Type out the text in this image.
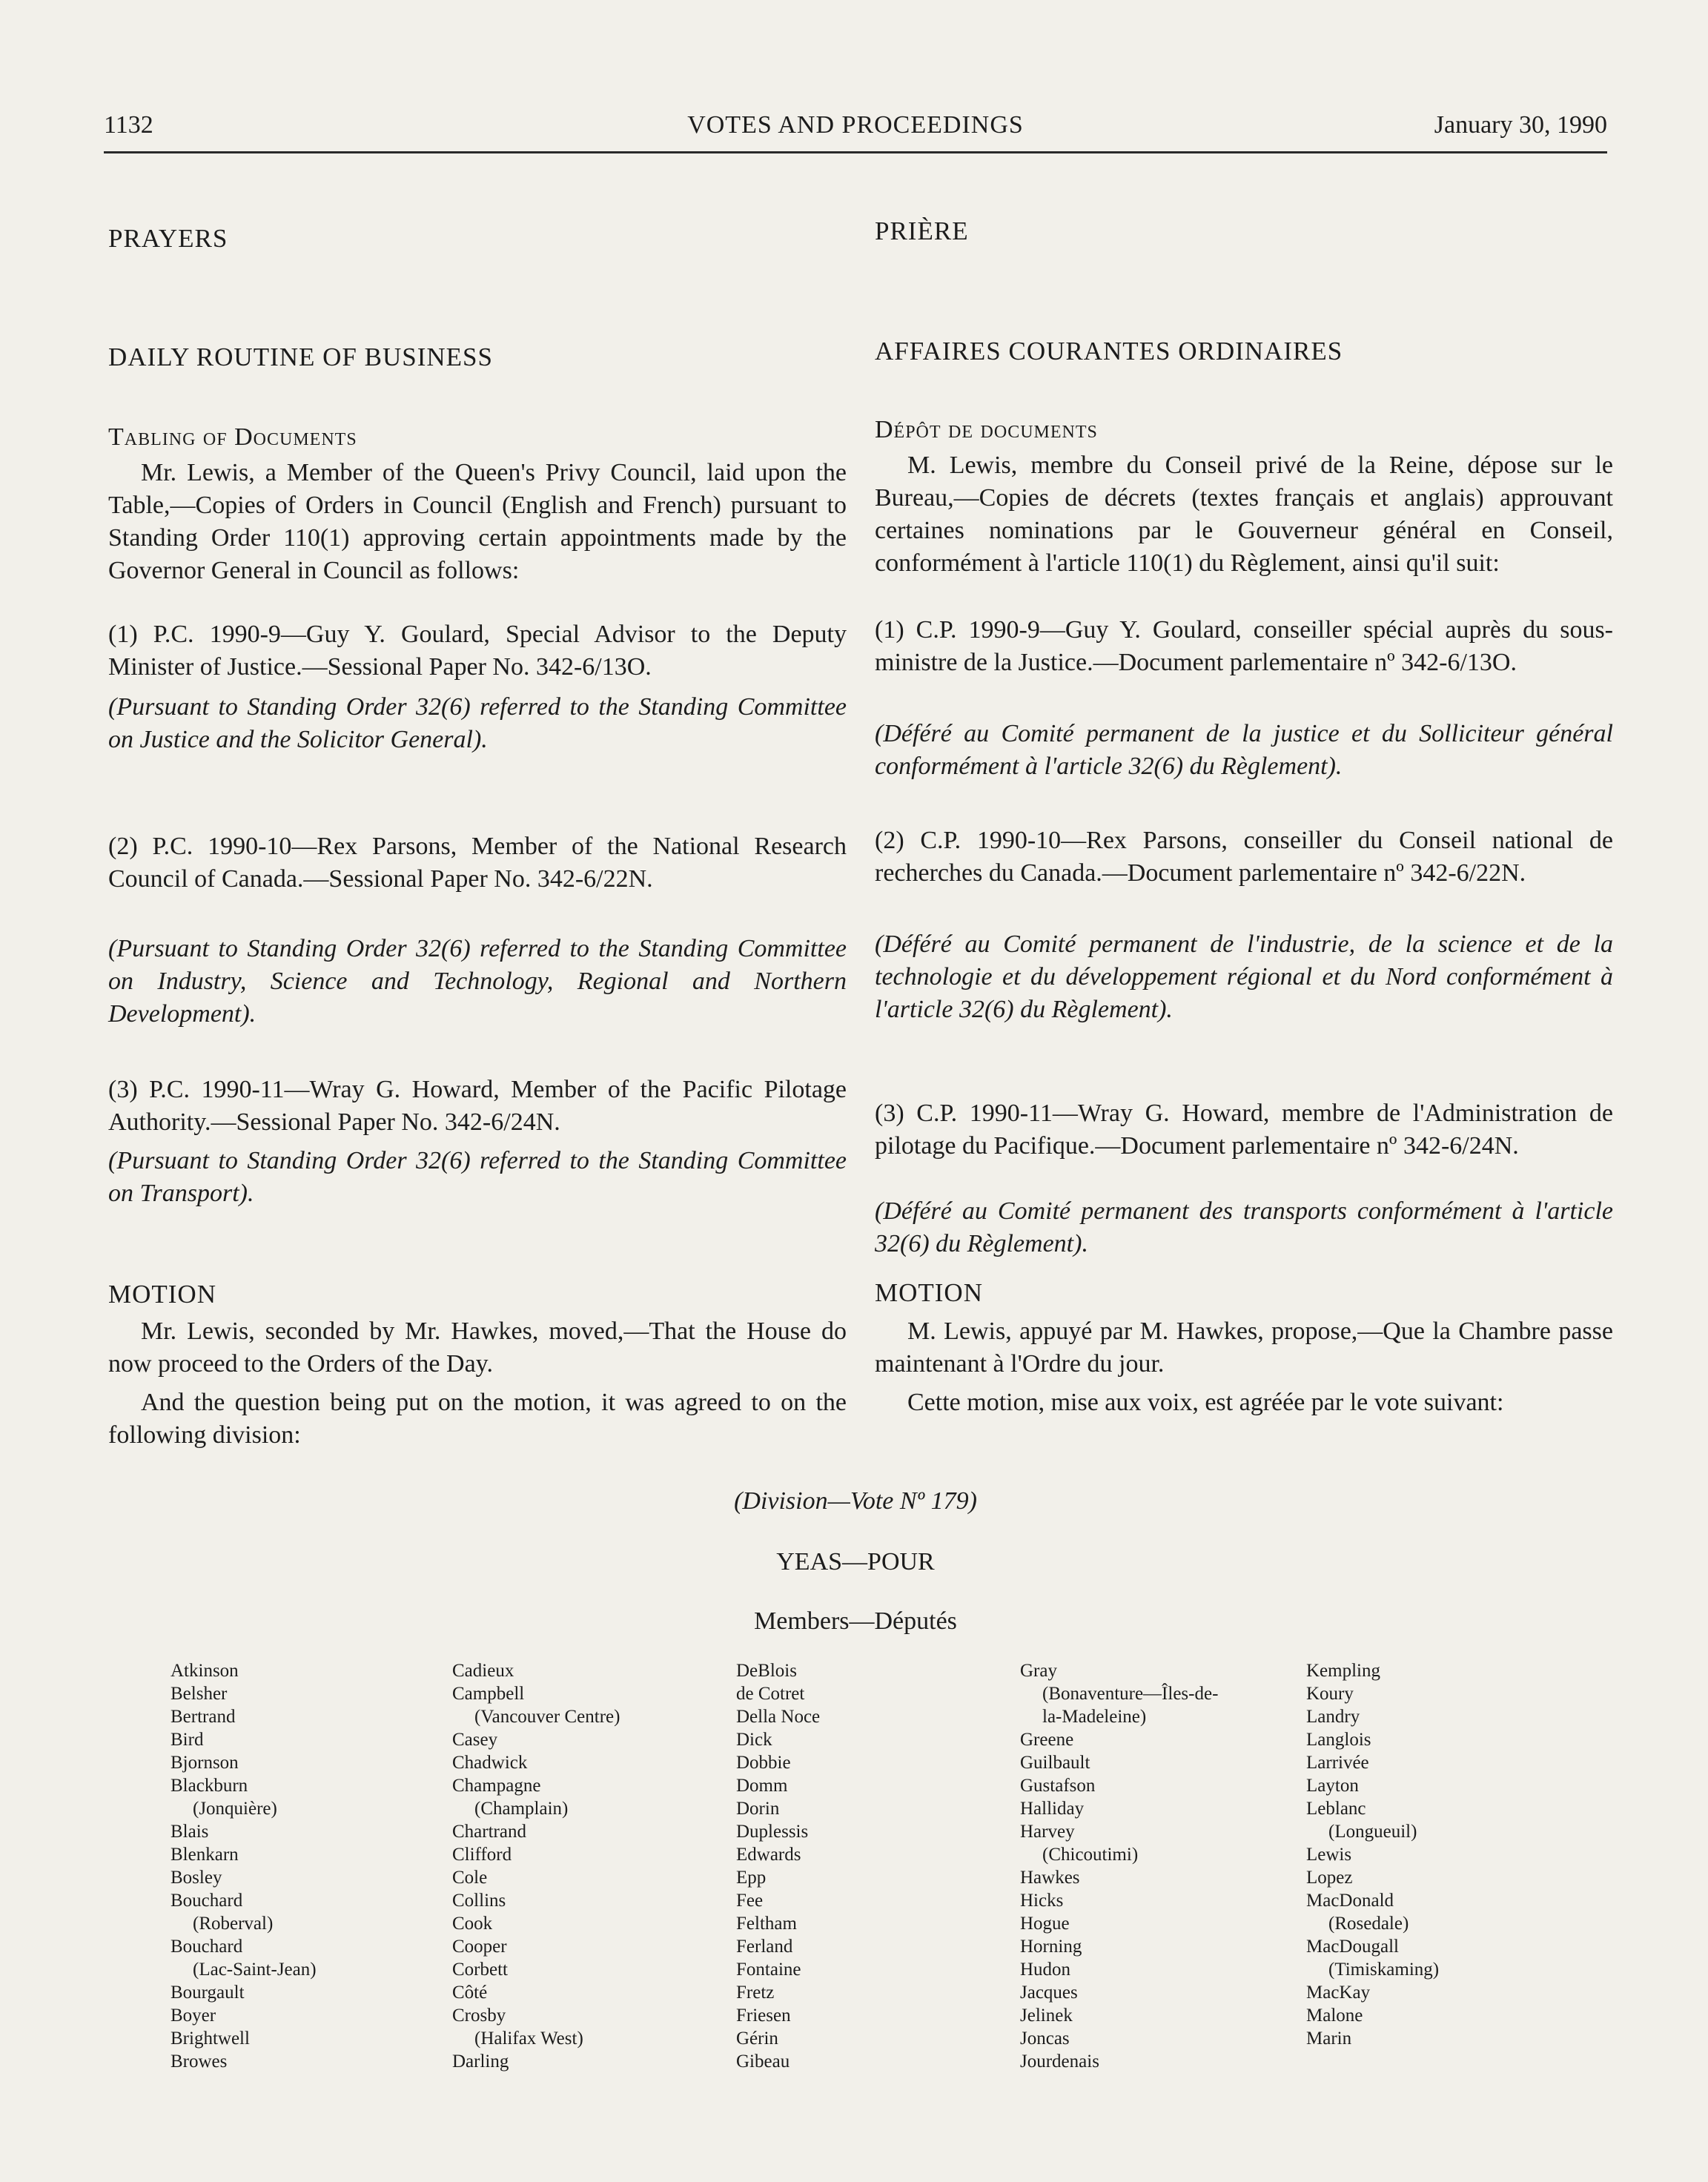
1132	VOTES AND PROCEEDINGS	January 30, 1990
PRAYERS
DAILY ROUTINE OF BUSINESS
Tabling of Documents

Mr. Lewis, a Member of the Queen's Privy Council, laid upon the Table,—Copies of Orders in Council (English and French) pursuant to Standing Order 110(1) approving certain appointments made by the Governor General in Council as follows:

(1) P.C. 1990-9—Guy Y. Goulard, Special Advisor to the Deputy Minister of Justice.—Sessional Paper No. 342-6/13O.

(Pursuant to Standing Order 32(6) referred to the Standing Committee on Justice and the Solicitor General).

(2) P.C. 1990-10—Rex Parsons, Member of the National Research Council of Canada.—Sessional Paper No. 342-6/22N.

(Pursuant to Standing Order 32(6) referred to the Standing Committee on Industry, Science and Technology, Regional and Northern Development).

(3) P.C. 1990-11—Wray G. Howard, Member of the Pacific Pilotage Authority.—Sessional Paper No. 342-6/24N.

(Pursuant to Standing Order 32(6) referred to the Standing Committee on Transport).

MOTION

Mr. Lewis, seconded by Mr. Hawkes, moved,—That the House do now proceed to the Orders of the Day.

And the question being put on the motion, it was agreed to on the following division:

PRIÈRE
AFFAIRES COURANTES ORDINAIRES
Dépôt de documents

M. Lewis, membre du Conseil privé de la Reine, dépose sur le Bureau,—Copies de décrets (textes français et anglais) approuvant certaines nominations par le Gouverneur général en Conseil, conformément à l'article 110(1) du Règlement, ainsi qu'il suit:

(1) C.P. 1990-9—Guy Y. Goulard, conseiller spécial auprès du sous-ministre de la Justice.—Document parlementaire nº 342-6/13O.

(Déféré au Comité permanent de la justice et du Solliciteur général conformément à l'article 32(6) du Règlement).

(2) C.P. 1990-10—Rex Parsons, conseiller du Conseil national de recherches du Canada.—Document parlementaire nº 342-6/22N.

(Déféré au Comité permanent de l'industrie, de la science et de la technologie et du développement régional et du Nord conformément à l'article 32(6) du Règlement).

(3) C.P. 1990-11—Wray G. Howard, membre de l'Administration de pilotage du Pacifique.—Document parlementaire nº 342-6/24N.

(Déféré au Comité permanent des transports conformément à l'article 32(6) du Règlement).

MOTION

M. Lewis, appuyé par M. Hawkes, propose,—Que la Chambre passe maintenant à l'Ordre du jour.

Cette motion, mise aux voix, est agréée par le vote suivant:

(Division—Vote Nº 179)
YEAS—POUR
Members—Députés
Atkinson
Belsher
Bertrand
Bird
Bjornson
Blackburn
(Jonquière)
Blais
Blenkarn
Bosley
Bouchard
(Roberval)
Bouchard
(Lac-Saint-Jean)
Bourgault
Boyer
Brightwell
Browes
Cadieux
Campbell
(Vancouver Centre)
Casey
Chadwick
Champagne
(Champlain)
Chartrand
Clifford
Cole
Collins
Cook
Cooper
Corbett
Côté
Crosby
(Halifax West)
Darling
DeBlois
de Cotret
Della Noce
Dick
Dobbie
Domm
Dorin
Duplessis
Edwards
Epp
Fee
Feltham
Ferland
Fontaine
Fretz
Friesen
Gérin
Gibeau
Gray
(Bonaventure—Îles-de-
la-Madeleine)
Greene
Guilbault
Gustafson
Halliday
Harvey
(Chicoutimi)
Hawkes
Hicks
Hogue
Horning
Hudon
Jacques
Jelinek
Joncas
Jourdenais
Kempling
Koury
Landry
Langlois
Larrivée
Layton
Leblanc
(Longueuil)
Lewis
Lopez
MacDonald
(Rosedale)
MacDougall
(Timiskaming)
MacKay
Malone
Marin
